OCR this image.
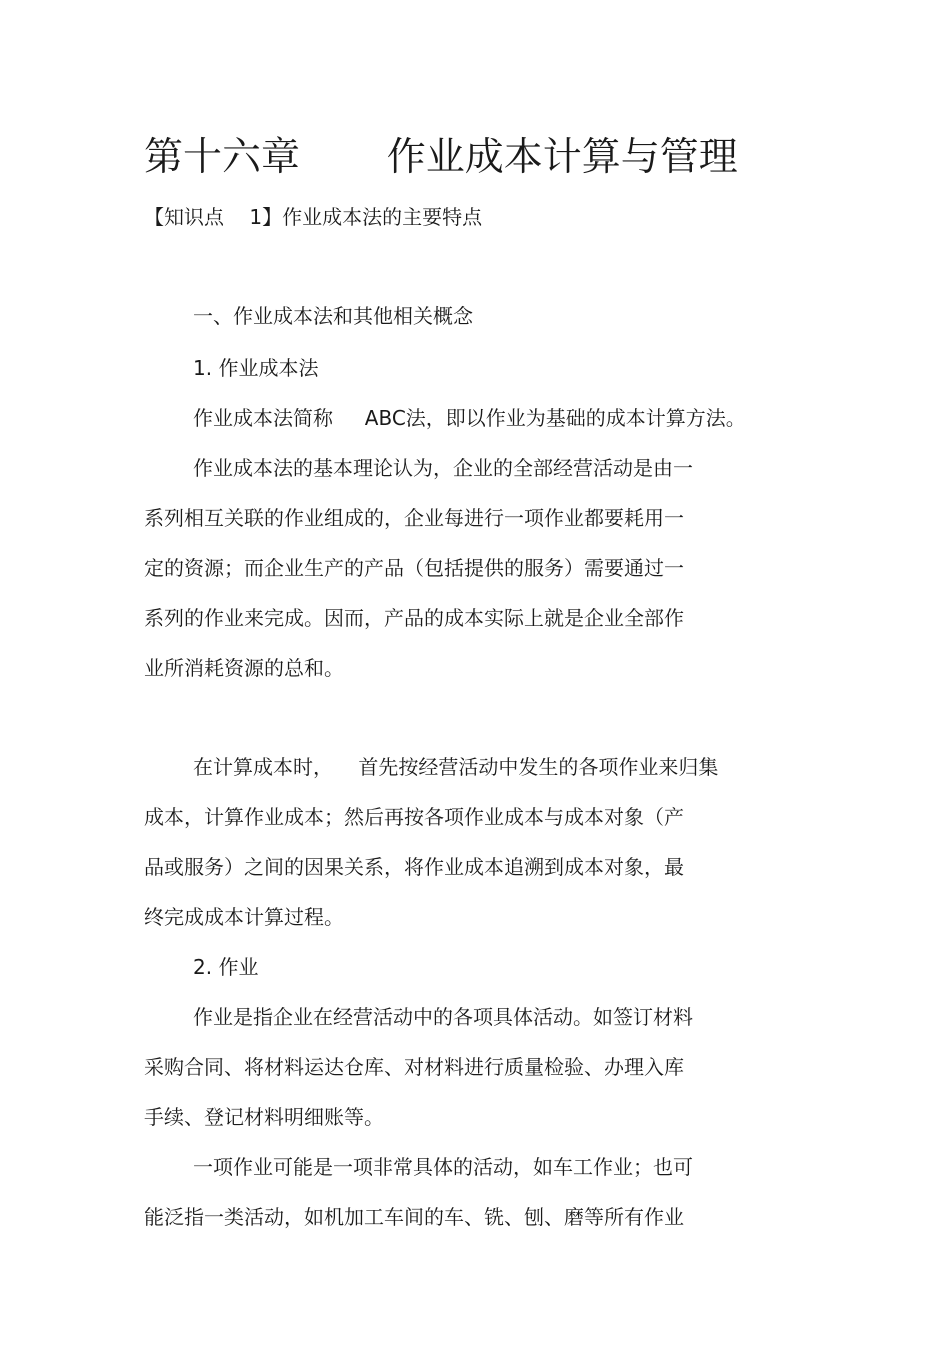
第十六章       作业成本计算与管理

【知识点    1】作业成本法的主要特点

一、作业成本法和其他相关概念

1. 作业成本法

作业成本法简称     ABC法，即以作业为基础的成本计算方法。

作业成本法的基本理论认为，企业的全部经营活动是由一

系列相互关联的作业组成的，企业每进行一项作业都要耗用一

定的资源；而企业生产的产品（包括提供的服务）需要通过一

系列的作业来完成。因而，产品的成本实际上就是企业全部作

业所消耗资源的总和。

在计算成本时，    首先按经营活动中发生的各项作业来归集

成本，计算作业成本；然后再按各项作业成本与成本对象（产

品或服务）之间的因果关系，将作业成本追溯到成本对象，最

终完成成本计算过程。

2. 作业

作业是指企业在经营活动中的各项具体活动。如签订材料

采购合同、将材料运达仓库、对材料进行质量检验、办理入库

手续、登记材料明细账等。

一项作业可能是一项非常具体的活动，如车工作业；也可

能泛指一类活动，如机加工车间的车、铣、刨、磨等所有作业
